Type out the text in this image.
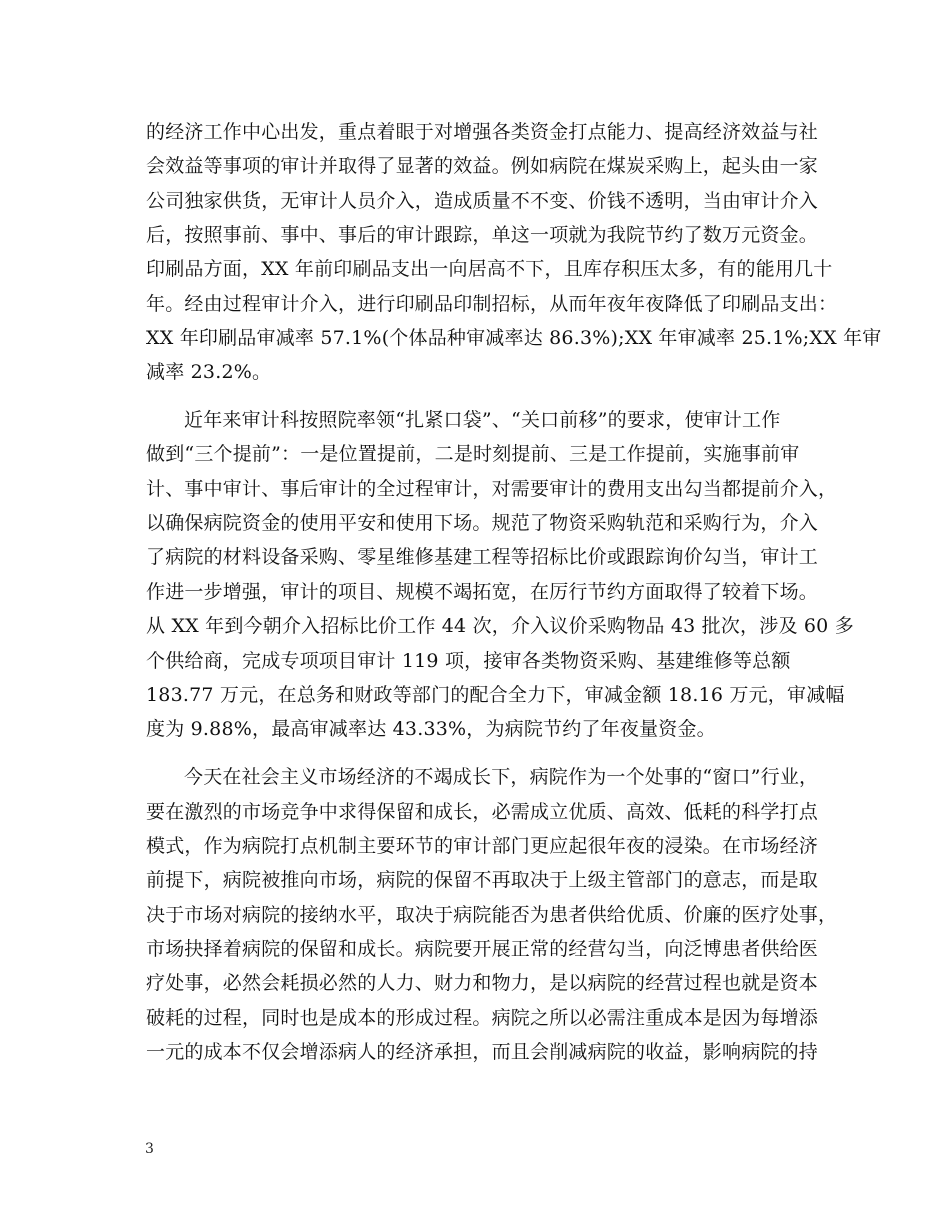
的经济工作中心出发，重点着眼于对增强各类资金打点能力、提高经济效益与社
会效益等事项的审计并取得了显著的效益。例如病院在煤炭采购上，起头由一家
公司独家供货，无审计人员介入，造成质量不不变、价钱不透明，当由审计介入
后，按照事前、事中、事后的审计跟踪，单这一项就为我院节约了数万元资金。
印刷品方面，XX 年前印刷品支出一向居高不下，且库存积压太多，有的能用几十
年。经由过程审计介入，进行印刷品印制招标，从而年夜年夜降低了印刷品支出：
XX 年印刷品审减率 57.1%(个体品种审减率达 86.3%);XX 年审减率 25.1%;XX 年审
减率 23.2%。
近年来审计科按照院率领“扎紧口袋”、“关口前移”的要求，使审计工作
做到“三个提前”：一是位置提前，二是时刻提前、三是工作提前，实施事前审
计、事中审计、事后审计的全过程审计，对需要审计的费用支出勾当都提前介入，
以确保病院资金的使用平安和使用下场。规范了物资采购轨范和采购行为，介入
了病院的材料设备采购、零星维修基建工程等招标比价或跟踪询价勾当，审计工
作进一步增强，审计的项目、规模不竭拓宽，在厉行节约方面取得了较着下场。
从 XX 年到今朝介入招标比价工作 44 次，介入议价采购物品 43 批次，涉及 60 多
个供给商，完成专项项目审计 119 项，接审各类物资采购、基建维修等总额
183.77 万元，在总务和财政等部门的配合全力下，审减金额 18.16 万元，审减幅
度为 9.88%，最高审减率达 43.33%，为病院节约了年夜量资金。
今天在社会主义市场经济的不竭成长下，病院作为一个处事的“窗口”行业，
要在激烈的市场竞争中求得保留和成长，必需成立优质、高效、低耗的科学打点
模式，作为病院打点机制主要环节的审计部门更应起很年夜的浸染。在市场经济
前提下，病院被推向市场，病院的保留不再取决于上级主管部门的意志，而是取
决于市场对病院的接纳水平，取决于病院能否为患者供给优质、价廉的医疗处事，
市场抉择着病院的保留和成长。病院要开展正常的经营勾当，向泛博患者供给医
疗处事，必然会耗损必然的人力、财力和物力，是以病院的经营过程也就是资本
破耗的过程，同时也是成本的形成过程。病院之所以必需注重成本是因为每增添
一元的成本不仅会增添病人的经济承担，而且会削减病院的收益，影响病院的持
3
